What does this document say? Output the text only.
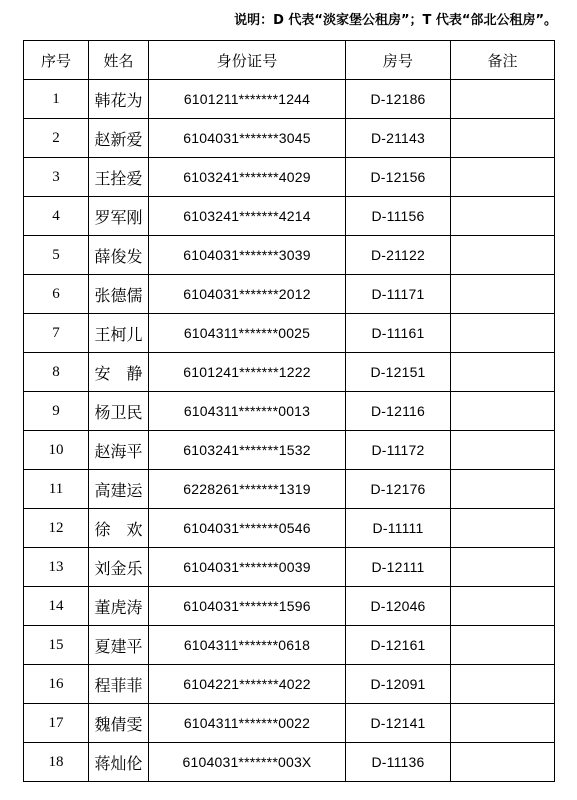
说明：D 代表“淡家堡公租房”；T 代表“郃北公租房”。
序号	姓名	身份证号	房号	备注
1	韩花为	6101211*******1244	D-12186	
2	赵新爱	6104031*******3045	D-21143	
3	王拴爱	6103241*******4029	D-12156	
4	罗军刚	6103241*******4214	D-11156	
5	薛俊发	6104031*******3039	D-21122	
6	张德儒	6104031*******2012	D-11171	
7	王柯儿	6104311*******0025	D-11161	
8	安　静	6101241*******1222	D-12151	
9	杨卫民	6104311*******0013	D-12116	
10	赵海平	6103241*******1532	D-11172	
11	高建运	6228261*******1319	D-12176	
12	徐　欢	6104031*******0546	D-11111	
13	刘金乐	6104031*******0039	D-12111	
14	董虎涛	6104031*******1596	D-12046	
15	夏建平	6104311*******0618	D-12161	
16	程菲菲	6104221*******4022	D-12091	
17	魏倩雯	6104311*******0022	D-12141	
18	蒋灿伦	6104031*******003X	D-11136	
